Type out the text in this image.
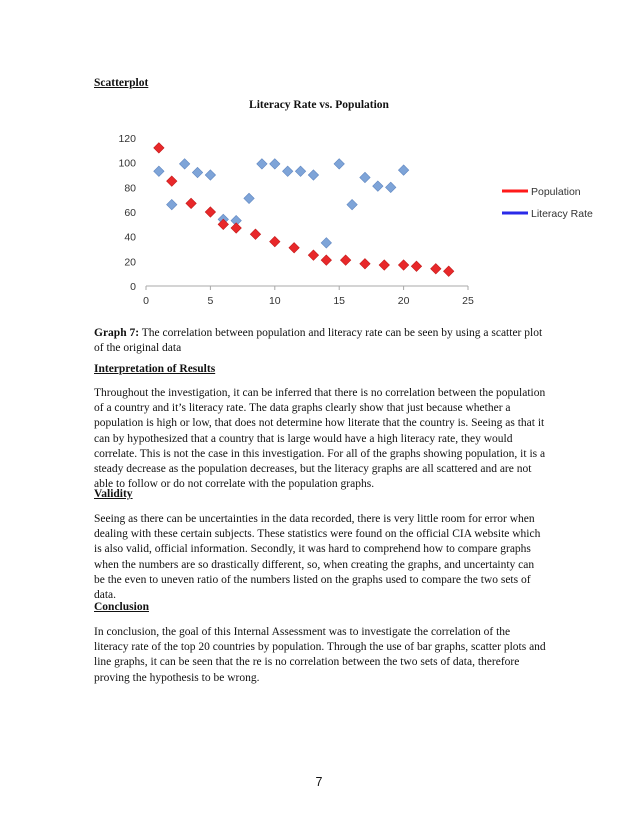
Scatterplot

Literacy Rate vs. Population

0	5	10	15	20	25
0
20
40
60
80
100
120
Population
Literacy Rate

Graph 7: The correlation between population and literacy rate can be seen by using a scatter plot of the original data

Interpretation of Results

Throughout the investigation, it can be inferred that there is no correlation between the population of a country and it’s literacy rate. The data graphs clearly show that just because whether a population is high or low, that does not determine how literate that the country is. Seeing as that it can by hypothesized that a country that is large would have a high literacy rate, they would correlate. This is not the case in this investigation. For all of the graphs showing population, it is a steady decrease as the population decreases, but the literacy graphs are all scattered and are not able to follow or do not correlate with the population graphs.

Validity

Seeing as there can be uncertainties in the data recorded, there is very little room for error when dealing with these certain subjects. These statistics were found on the official CIA website which is also valid, official information. Secondly, it was hard to comprehend how to compare graphs when the numbers are so drastically different, so, when creating the graphs, and uncertainty can be the even to uneven ratio of the numbers listed on the graphs used to compare the two sets of data.

Conclusion

In conclusion, the goal of this Internal Assessment was to investigate the correlation of the literacy rate of the top 20 countries by population. Through the use of bar graphs, scatter plots and line graphs, it can be seen that the re is no correlation between the two sets of data, therefore proving the hypothesis to be wrong.

7
